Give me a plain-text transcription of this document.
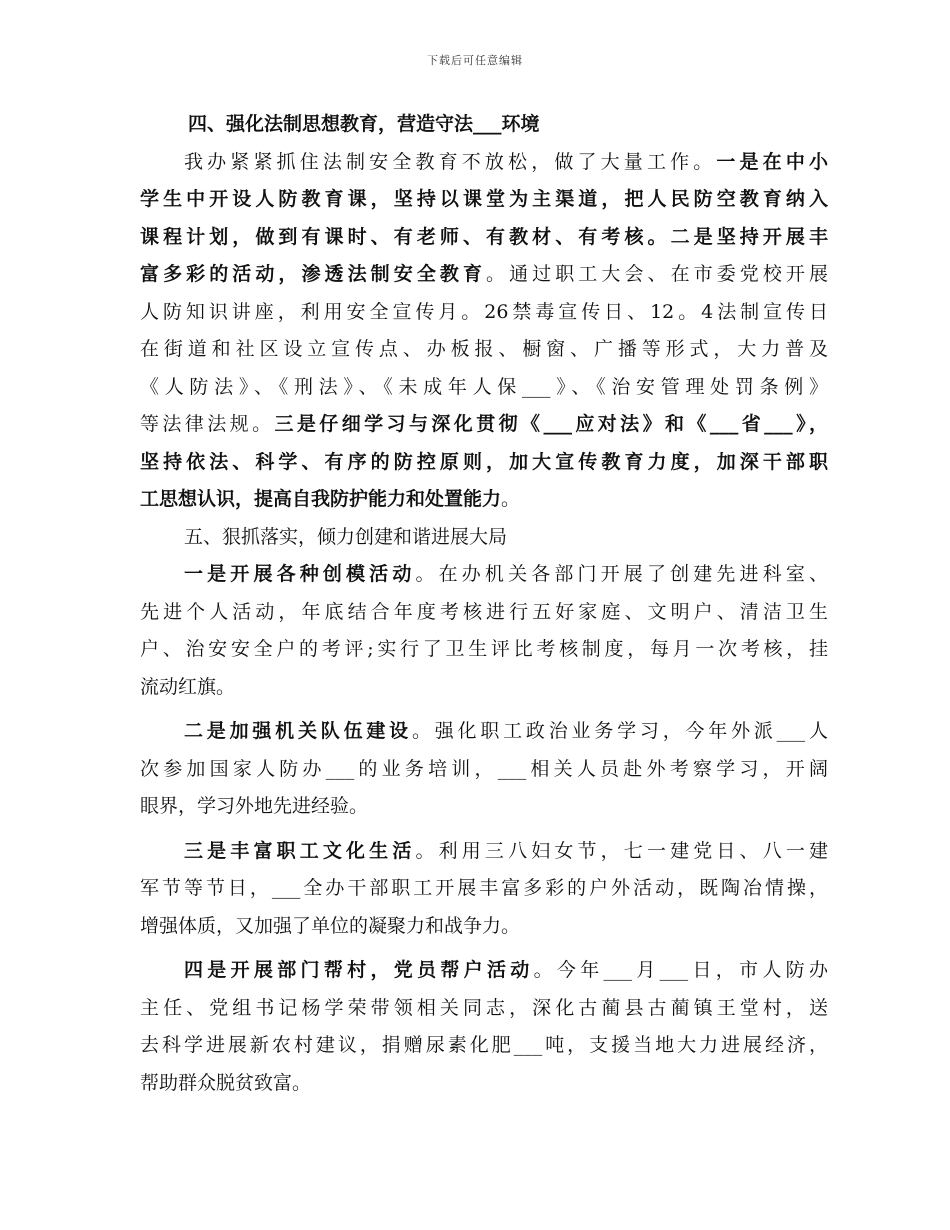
下载后可任意编辑
四、强化法制思想教育，营造守法___环境
我办紧紧抓住法制安全教育不放松，做了大量工作。一是在中小
学生中开设人防教育课，坚持以课堂为主渠道，把人民防空教育纳入
课程计划，做到有课时、有老师、有教材、有考核。二是坚持开展丰
富多彩的活动，渗透法制安全教育。通过职工大会、在市委党校开展
人防知识讲座，利用安全宣传月。26禁毒宣传日、12。4法制宣传日
在街道和社区设立宣传点、办板报、橱窗、广播等形式，大力普及
《人防法》、《刑法》、《未成年人保___》、《治安管理处罚条例》
等法律法规。三是仔细学习与深化贯彻《___应对法》和《___省___》，
坚持依法、科学、有序的防控原则，加大宣传教育力度，加深干部职
工思想认识，提高自我防护能力和处置能力。
五、狠抓落实，倾力创建和谐进展大局
一是开展各种创模活动。在办机关各部门开展了创建先进科室、
先进个人活动，年底结合年度考核进行五好家庭、文明户、清洁卫生
户、治安安全户的考评;实行了卫生评比考核制度，每月一次考核，挂
流动红旗。
二是加强机关队伍建设。强化职工政治业务学习，今年外派___人
次参加国家人防办___的业务培训，___相关人员赴外考察学习，开阔
眼界，学习外地先进经验。
三是丰富职工文化生活。利用三八妇女节，七一建党日、八一建
军节等节日，___全办干部职工开展丰富多彩的户外活动，既陶冶情操，
增强体质，又加强了单位的凝聚力和战争力。
四是开展部门帮村，党员帮户活动。今年___月___日，市人防办
主任、党组书记杨学荣带领相关同志，深化古蔺县古蔺镇王堂村，送
去科学进展新农村建议，捐赠尿素化肥___吨，支援当地大力进展经济，
帮助群众脱贫致富。
